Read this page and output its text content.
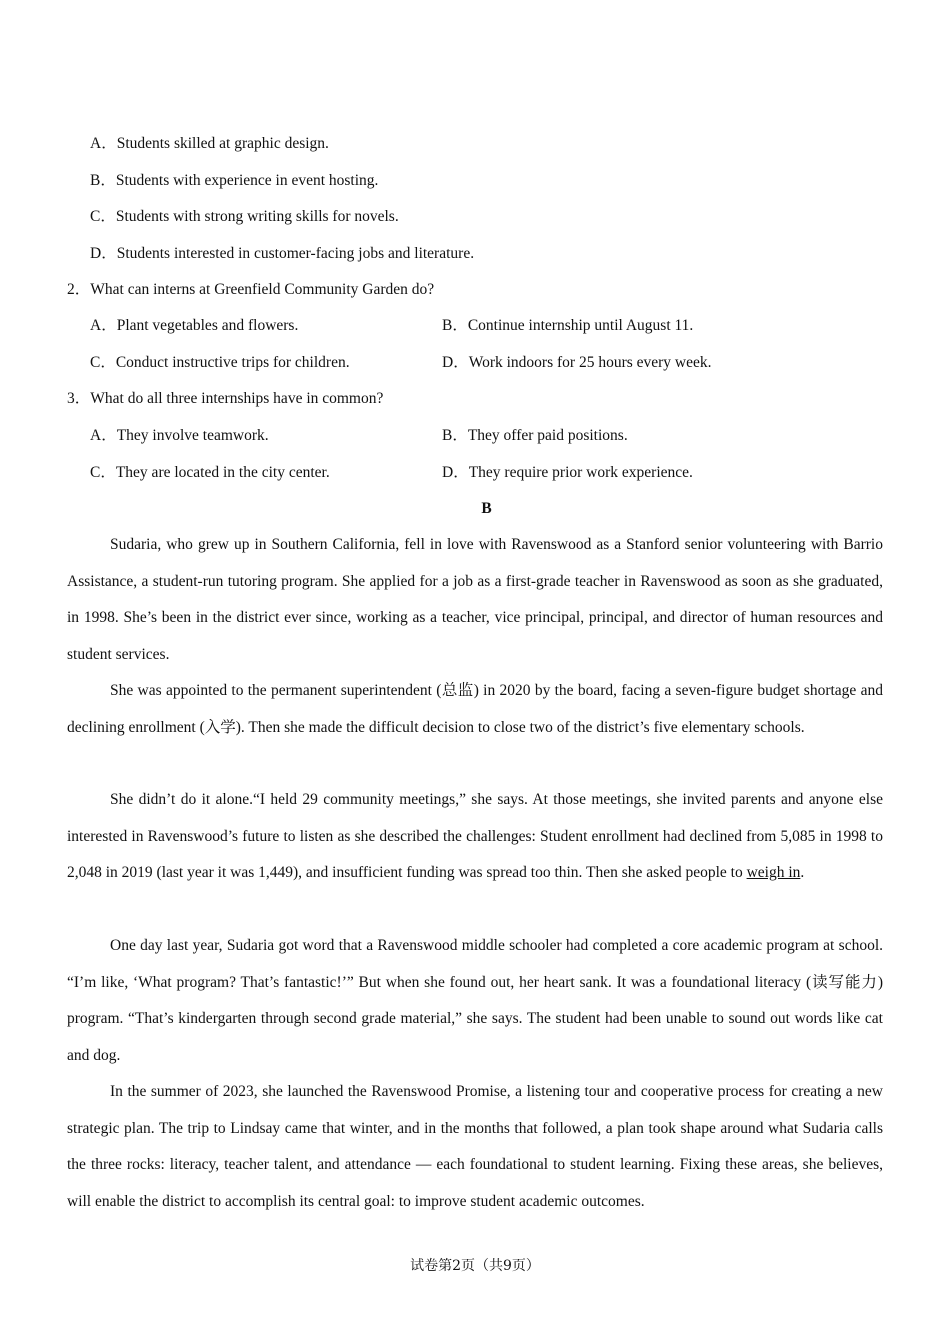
A．Students skilled at graphic design.
B．Students with experience in event hosting.
C．Students with strong writing skills for novels.
D．Students interested in customer-facing jobs and literature.
2．What can interns at Greenfield Community Garden do?
A．Plant vegetables and flowers.	B．Continue internship until August 11.
C．Conduct instructive trips for children.	D．Work indoors for 25 hours every week.
3．What do all three internships have in common?
A．They involve teamwork.	B．They offer paid positions.
C．They are located in the city center.	D．They require prior work experience.
B

Sudaria, who grew up in Southern California, fell in love with Ravenswood as a Stanford senior volunteering with Barrio Assistance, a student-run tutoring program. She applied for a job as a first-grade teacher in Ravenswood as soon as she graduated, in 1998. She’s been in the district ever since, working as a teacher, vice principal, principal, and director of human resources and student services.

She was appointed to the permanent superintendent (总监) in 2020 by the board, facing a seven-figure budget shortage and declining enrollment (入学). Then she made the difficult decision to close two of the district’s five elementary schools.

She didn’t do it alone.“I held 29 community meetings,” she says. At those meetings, she invited parents and anyone else interested in Ravenswood’s future to listen as she described the challenges: Student enrollment had declined from 5,085 in 1998 to 2,048 in 2019 (last year it was 1,449), and insufficient funding was spread too thin. Then she asked people to weigh in.

One day last year, Sudaria got word that a Ravenswood middle schooler had completed a core academic program at school. “I’m like, ‘What program? That’s fantastic!’” But when she found out, her heart sank. It was a foundational literacy (读写能力) program. “That’s kindergarten through second grade material,” she says. The student had been unable to sound out words like cat and dog.

In the summer of 2023, she launched the Ravenswood Promise, a listening tour and cooperative process for creating a new strategic plan. The trip to Lindsay came that winter, and in the months that followed, a plan took shape around what Sudaria calls the three rocks: literacy, teacher talent, and attendance — each foundational to student learning. Fixing these areas, she believes, will enable the district to accomplish its central goal: to improve student academic outcomes.

试卷第2页（共9页）
